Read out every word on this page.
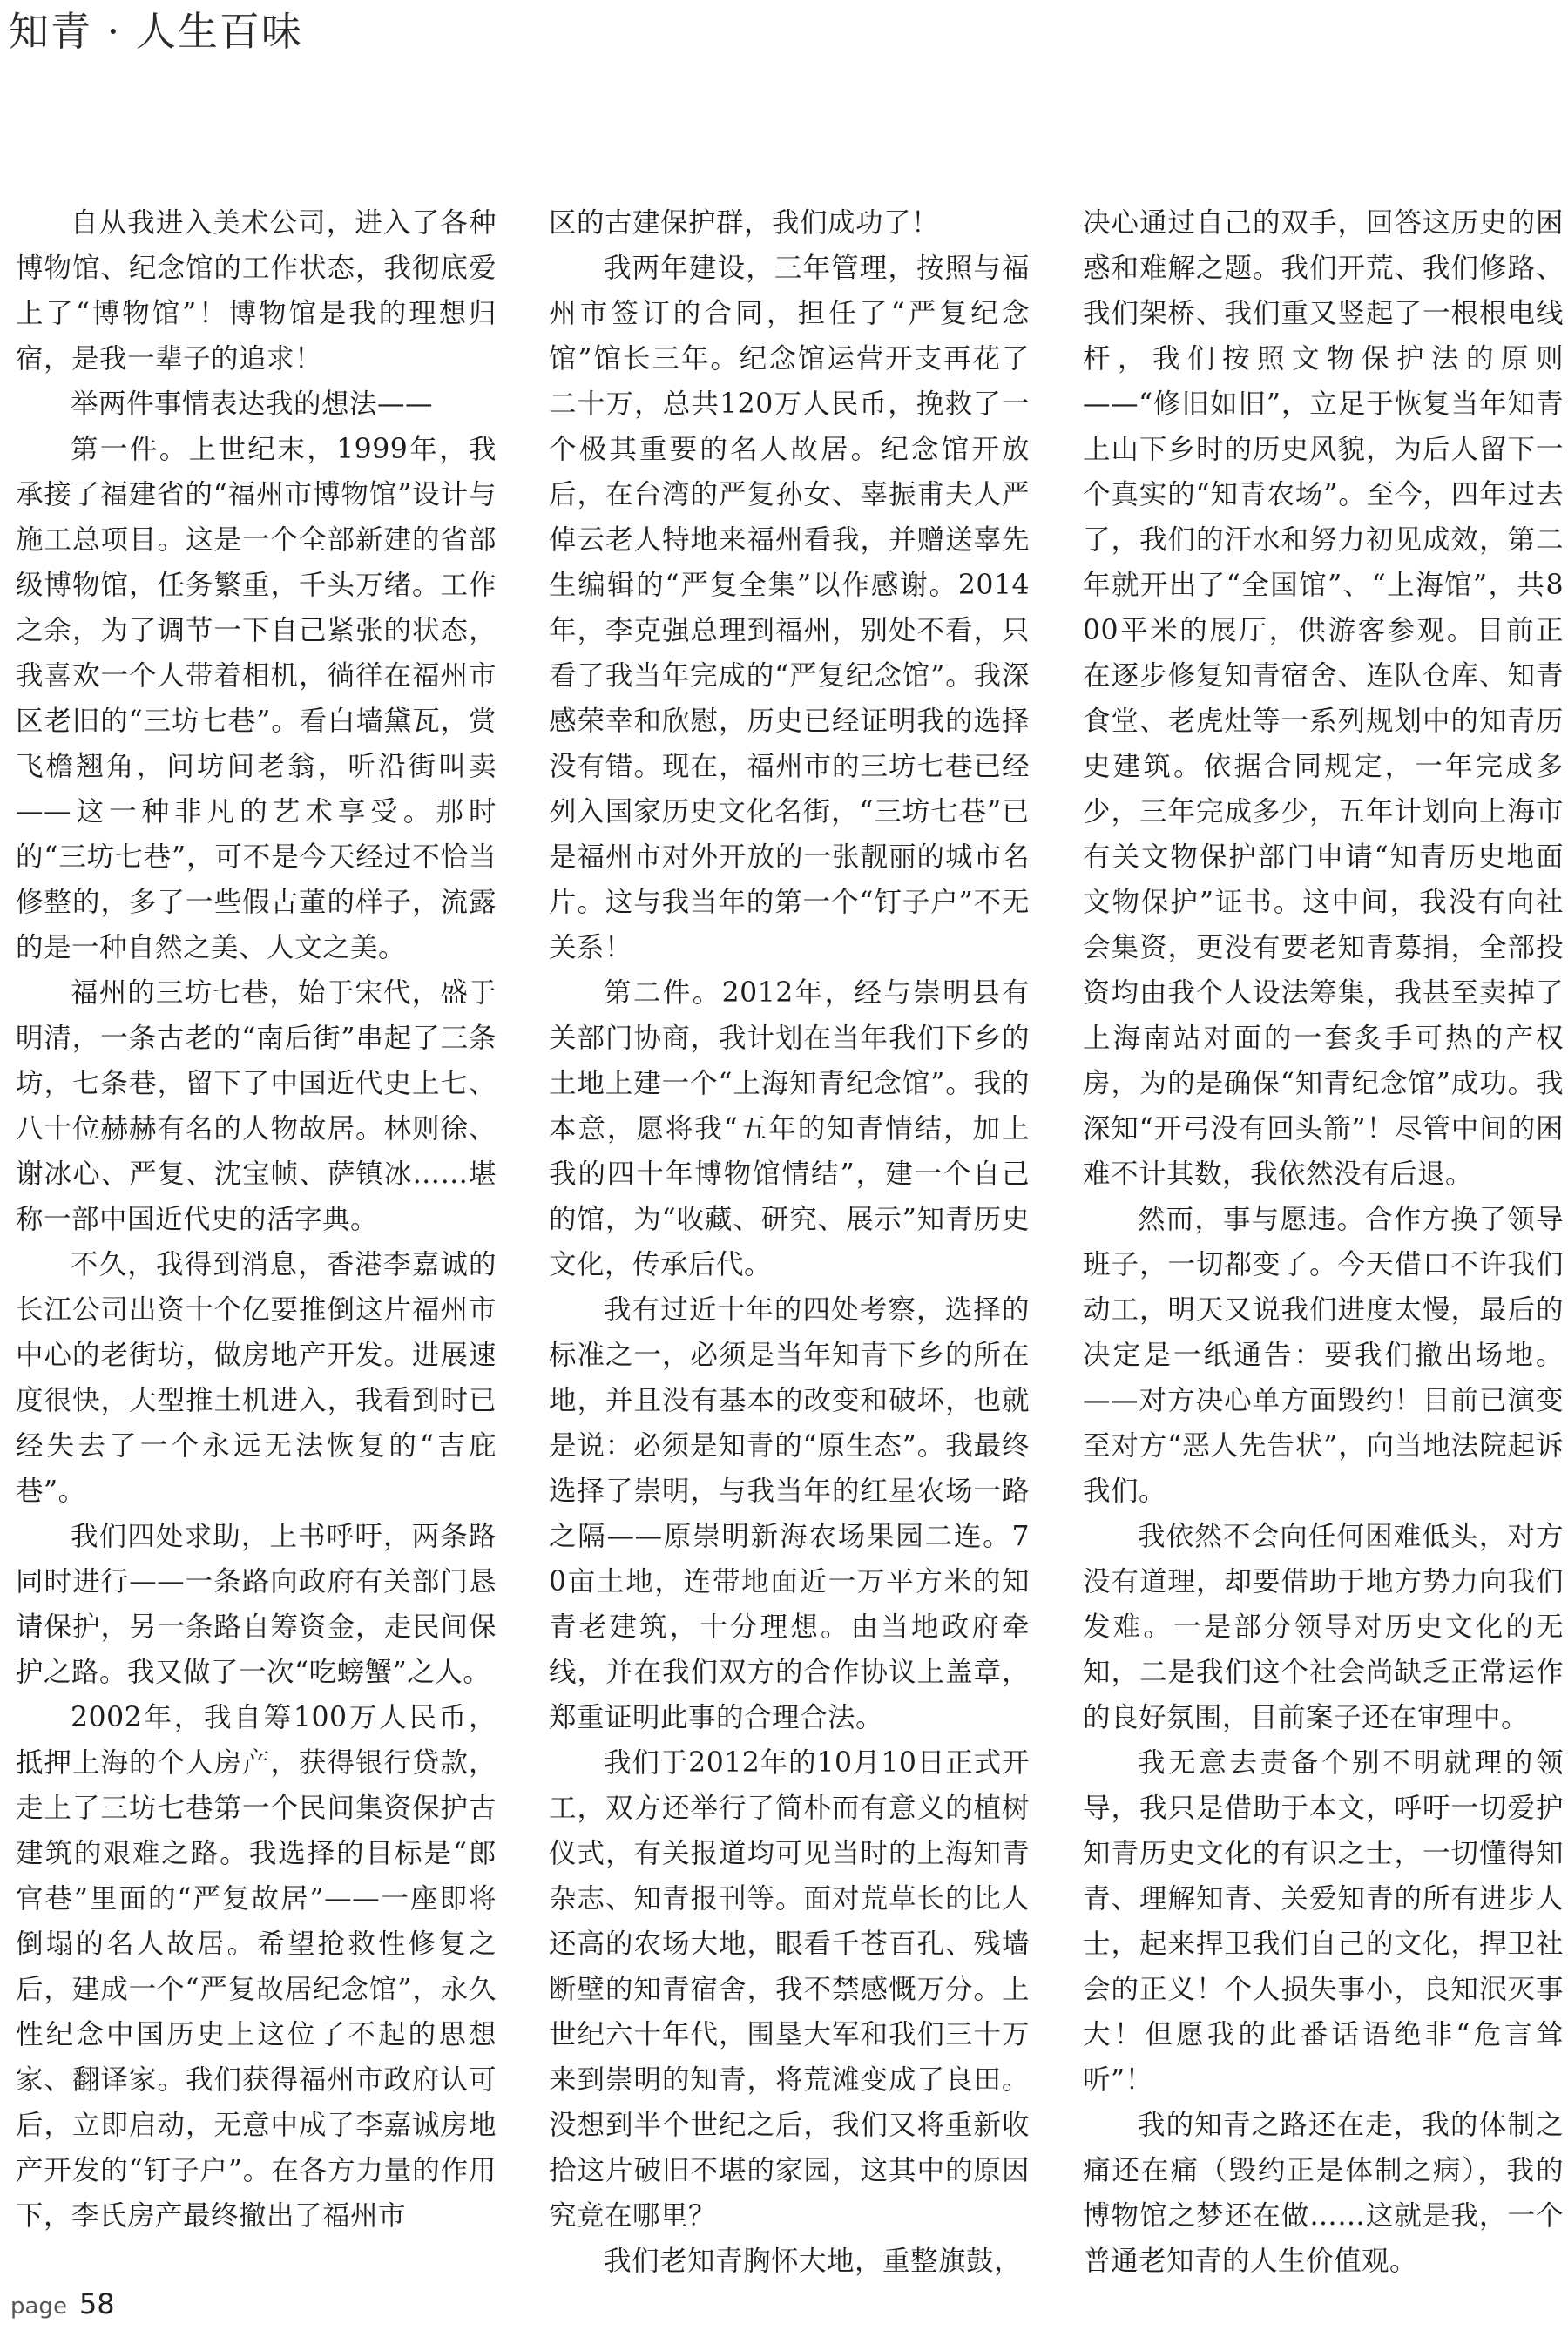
知青 · 人生百味

自从我进入美术公司，进入了各种博物馆、纪念馆的工作状态，我彻底爱上了“博物馆”！博物馆是我的理想归宿，是我一辈子的追求！

举两件事情表达我的想法——

第一件。上世纪末，1999年，我承接了福建省的“福州市博物馆”设计与施工总项目。这是一个全部新建的省部级博物馆，任务繁重，千头万绪。工作之余，为了调节一下自己紧张的状态，我喜欢一个人带着相机，徜徉在福州市区老旧的“三坊七巷”。看白墙黛瓦，赏飞檐翘角，问坊间老翁，听沿街叫卖——这一种非凡的艺术享受。那时的“三坊七巷”，可不是今天经过不恰当修整的，多了一些假古董的样子，流露的是一种自然之美、人文之美。

福州的三坊七巷，始于宋代，盛于明清，一条古老的“南后街”串起了三条坊，七条巷，留下了中国近代史上七、八十位赫赫有名的人物故居。林则徐、谢冰心、严复、沈宝帧、萨镇冰……堪称一部中国近代史的活字典。

不久，我得到消息，香港李嘉诚的长江公司出资十个亿要推倒这片福州市中心的老街坊，做房地产开发。进展速度很快，大型推土机进入，我看到时已经失去了一个永远无法恢复的“吉庇巷”。

我们四处求助，上书呼吁，两条路同时进行——一条路向政府有关部门恳请保护，另一条路自筹资金，走民间保护之路。我又做了一次“吃螃蟹”之人。

2002年，我自筹100万人民币，抵押上海的个人房产，获得银行贷款，走上了三坊七巷第一个民间集资保护古建筑的艰难之路。我选择的目标是“郎官巷”里面的“严复故居”——一座即将倒塌的名人故居。希望抢救性修复之后，建成一个“严复故居纪念馆”，永久性纪念中国历史上这位了不起的思想家、翻译家。我们获得福州市政府认可后，立即启动，无意中成了李嘉诚房地产开发的“钉子户”。在各方力量的作用下，李氏房产最终撤出了福州市

区的古建保护群，我们成功了！

我两年建设，三年管理，按照与福州市签订的合同，担任了“严复纪念馆”馆长三年。纪念馆运营开支再花了二十万，总共120万人民币，挽救了一个极其重要的名人故居。纪念馆开放后，在台湾的严复孙女、辜振甫夫人严倬云老人特地来福州看我，并赠送辜先生编辑的“严复全集”以作感谢。2014年，李克强总理到福州，别处不看，只看了我当年完成的“严复纪念馆”。我深感荣幸和欣慰，历史已经证明我的选择没有错。现在，福州市的三坊七巷已经列入国家历史文化名街，“三坊七巷”已是福州市对外开放的一张靓丽的城市名片。这与我当年的第一个“钉子户”不无关系！

第二件。2012年，经与崇明县有关部门协商，我计划在当年我们下乡的土地上建一个“上海知青纪念馆”。我的本意，愿将我“五年的知青情结，加上我的四十年博物馆情结”，建一个自己的馆，为“收藏、研究、展示”知青历史文化，传承后代。

我有过近十年的四处考察，选择的标准之一，必须是当年知青下乡的所在地，并且没有基本的改变和破坏，也就是说：必须是知青的“原生态”。我最终选择了崇明，与我当年的红星农场一路之隔——原崇明新海农场果园二连。70亩土地，连带地面近一万平方米的知青老建筑，十分理想。由当地政府牵线，并在我们双方的合作协议上盖章，郑重证明此事的合理合法。

我们于2012年的10月10日正式开工，双方还举行了简朴而有意义的植树仪式，有关报道均可见当时的上海知青杂志、知青报刊等。面对荒草长的比人还高的农场大地，眼看千苍百孔、残墙断壁的知青宿舍，我不禁感慨万分。上世纪六十年代，围垦大军和我们三十万来到崇明的知青，将荒滩变成了良田。没想到半个世纪之后，我们又将重新收拾这片破旧不堪的家园，这其中的原因究竟在哪里？

我们老知青胸怀大地，重整旗鼓，

决心通过自己的双手，回答这历史的困惑和难解之题。我们开荒、我们修路、我们架桥、我们重又竖起了一根根电线杆，我们按照文物保护法的原则——“修旧如旧”，立足于恢复当年知青上山下乡时的历史风貌，为后人留下一个真实的“知青农场”。至今，四年过去了，我们的汗水和努力初见成效，第二年就开出了“全国馆”、“上海馆”，共800平米的展厅，供游客参观。目前正在逐步修复知青宿舍、连队仓库、知青食堂、老虎灶等一系列规划中的知青历史建筑。依据合同规定，一年完成多少，三年完成多少，五年计划向上海市有关文物保护部门申请“知青历史地面文物保护”证书。这中间，我没有向社会集资，更没有要老知青募捐，全部投资均由我个人设法筹集，我甚至卖掉了上海南站对面的一套炙手可热的产权房，为的是确保“知青纪念馆”成功。我深知“开弓没有回头箭”！尽管中间的困难不计其数，我依然没有后退。

然而，事与愿违。合作方换了领导班子，一切都变了。今天借口不许我们动工，明天又说我们进度太慢，最后的决定是一纸通告：要我们撤出场地。——对方决心单方面毁约！目前已演变至对方“恶人先告状”，向当地法院起诉我们。

我依然不会向任何困难低头，对方没有道理，却要借助于地方势力向我们发难。一是部分领导对历史文化的无知，二是我们这个社会尚缺乏正常运作的良好氛围，目前案子还在审理中。

我无意去责备个别不明就理的领导，我只是借助于本文，呼吁一切爱护知青历史文化的有识之士，一切懂得知青、理解知青、关爱知青的所有进步人士，起来捍卫我们自己的文化，捍卫社会的正义！个人损失事小，良知泯灭事大！但愿我的此番话语绝非“危言耸听”！

我的知青之路还在走，我的体制之痛还在痛（毁约正是体制之病），我的博物馆之梦还在做……这就是我，一个普通老知青的人生价值观。

page 58
